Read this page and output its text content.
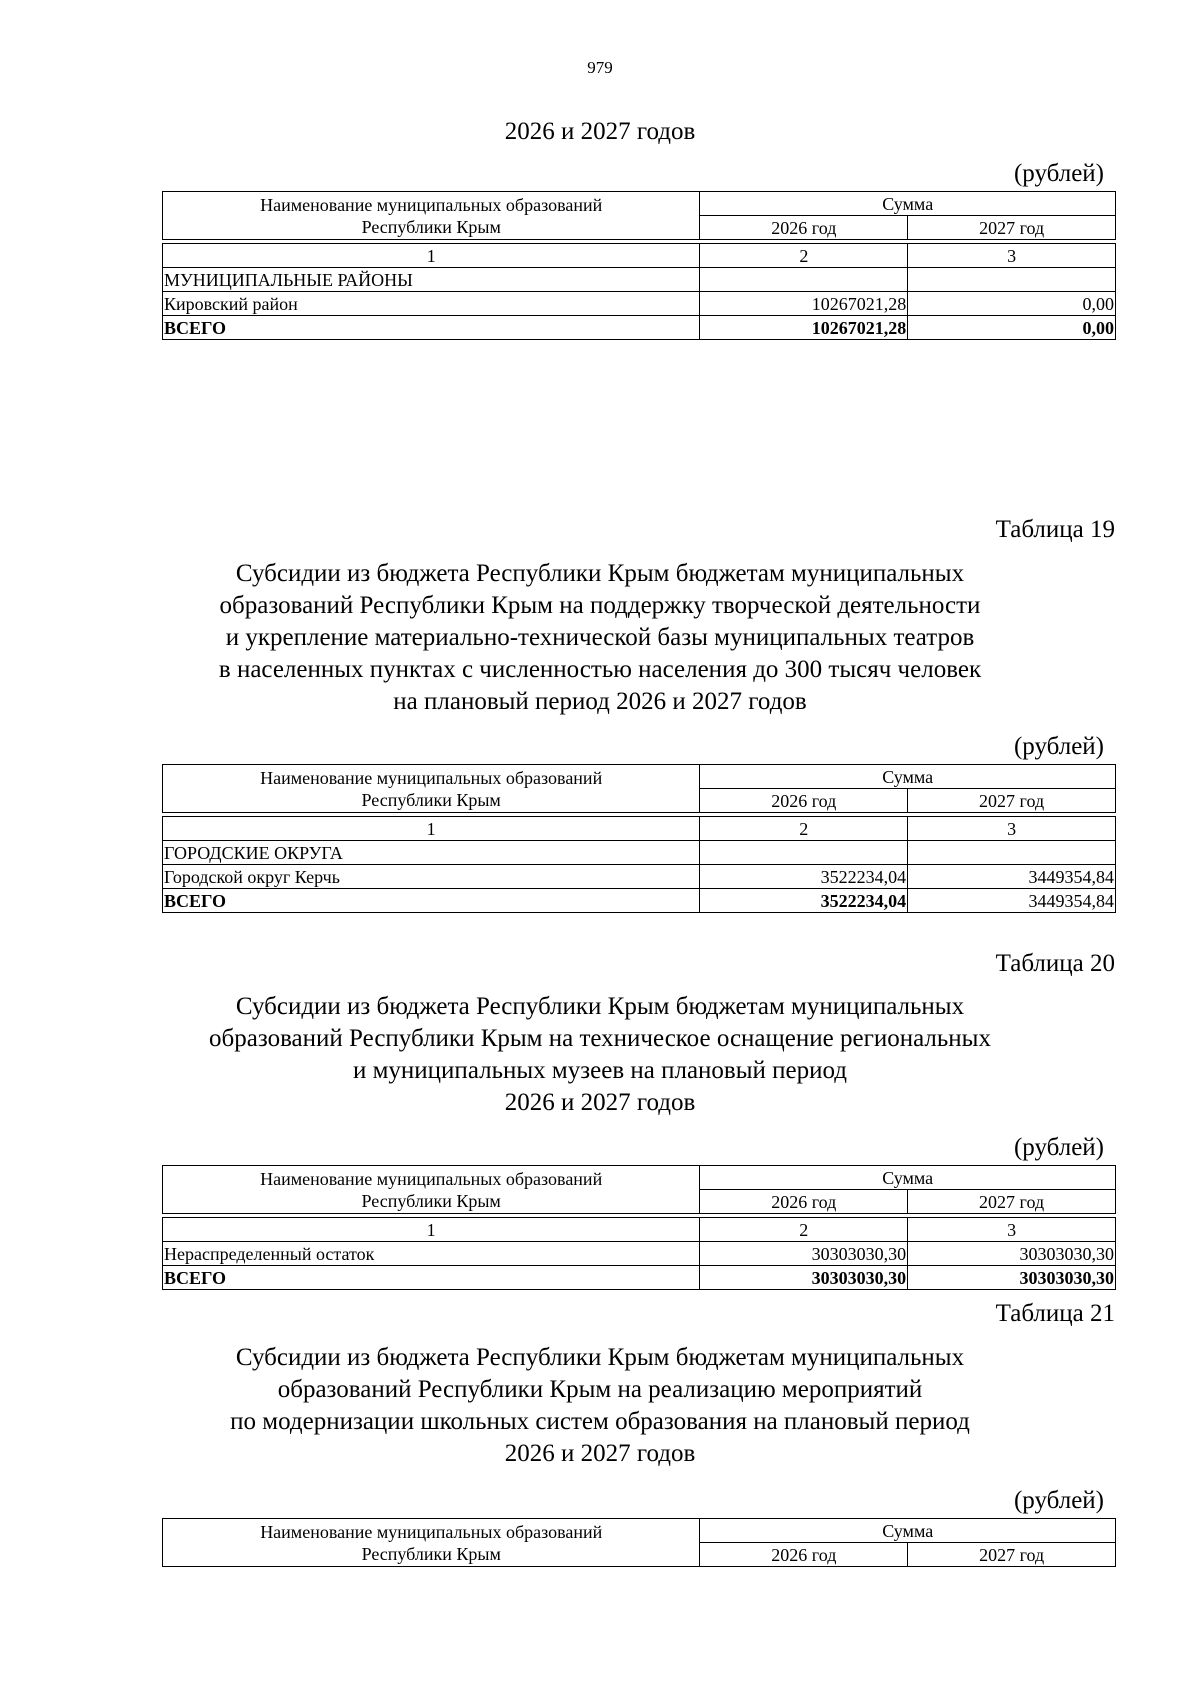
979
2026 и 2027 годов
(рублей)
Наименование муниципальных образований
Республики Крым	Сумма	
	2026 год	2027 год

1	2	3
МУНИЦИПАЛЬНЫЕ РАЙОНЫ		
Кировский район	10267021,28	0,00
ВСЕГО	10267021,28	0,00
Таблица 19
Субсидии из бюджета Республики Крым бюджетам муниципальных
образований Республики Крым на поддержку творческой деятельности
и укрепление материально-технической базы муниципальных театров
в населенных пунктах с численностью населения до 300 тысяч человек
на плановый период 2026 и 2027 годов
(рублей)
Наименование муниципальных образований
Республики Крым	Сумма	
	2026 год	2027 год

1	2	3
ГОРОДСКИЕ ОКРУГА		
Городской округ Керчь	3522234,04	3449354,84
ВСЕГО	3522234,04	3449354,84
Таблица 20
Субсидии из бюджета Республики Крым бюджетам муниципальных
образований Республики Крым на техническое оснащение региональных
и муниципальных музеев на плановый период
2026 и 2027 годов
(рублей)
Наименование муниципальных образований
Республики Крым	Сумма	
	2026 год	2027 год

1	2	3
Нераспределенный остаток	30303030,30	30303030,30
ВСЕГО	30303030,30	30303030,30
Таблица 21
Субсидии из бюджета Республики Крым бюджетам муниципальных
образований Республики Крым на реализацию мероприятий
по модернизации школьных систем образования на плановый период
2026 и 2027 годов
(рублей)
Наименование муниципальных образований
Республики Крым	Сумма	
	2026 год	2027 год
